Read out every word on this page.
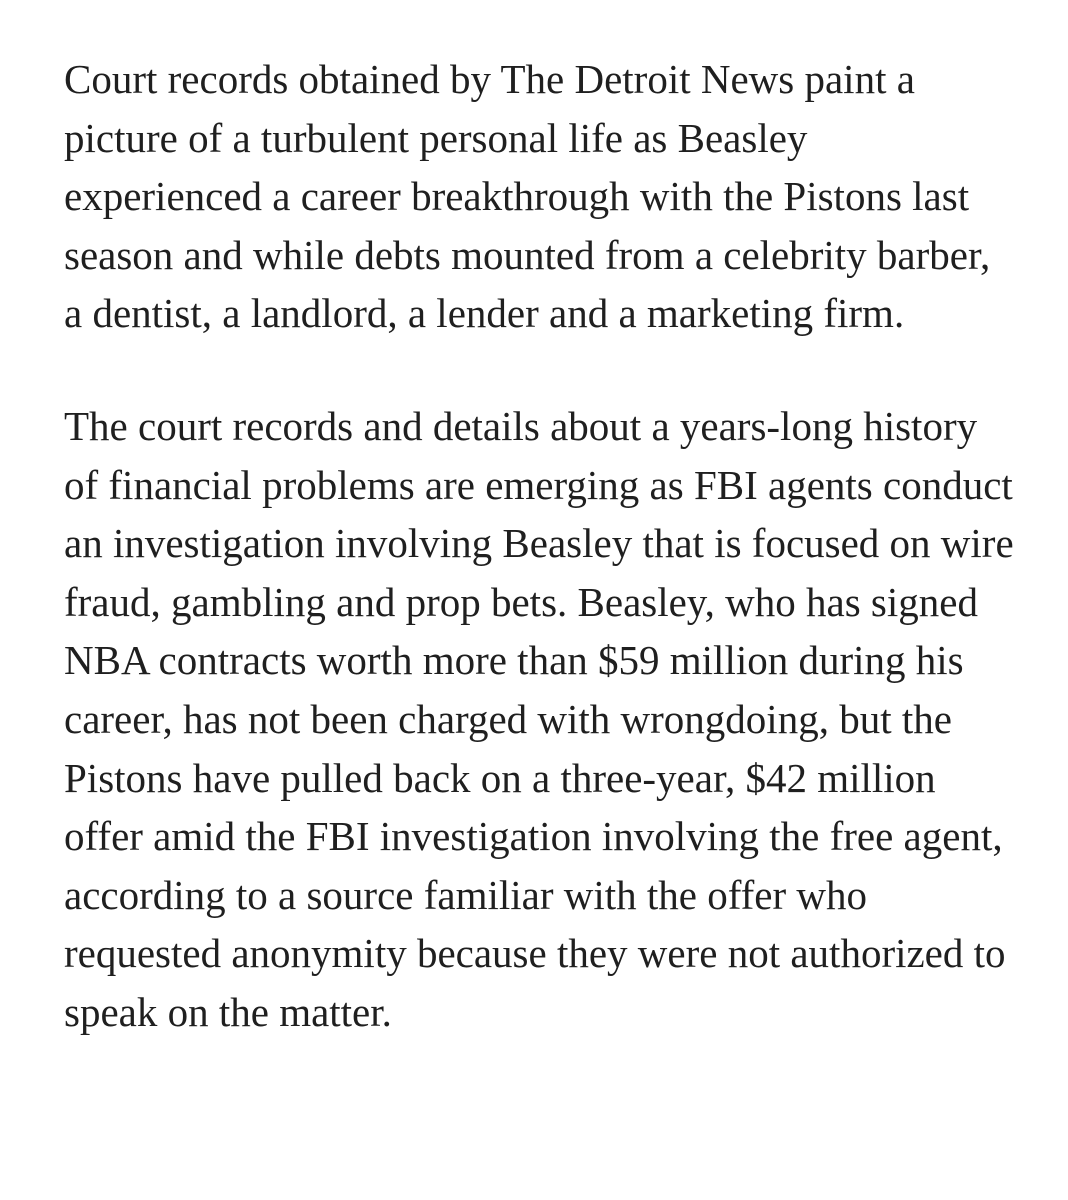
Court records obtained by The Detroit News paint a picture of a turbulent personal life as Beasley experienced a career breakthrough with the Pistons last season and while debts mounted from a celebrity barber, a dentist, a landlord, a lender and a marketing firm.

The court records and details about a years-long history of financial problems are emerging as FBI agents conduct an investigation involving Beasley that is focused on wire fraud, gambling and prop bets. Beasley, who has signed NBA contracts worth more than $59 million during his career, has not been charged with wrongdoing, but the Pistons have pulled back on a three-year, $42 million offer amid the FBI investigation involving the free agent, according to a source familiar with the offer who requested anonymity because they were not authorized to speak on the matter.
